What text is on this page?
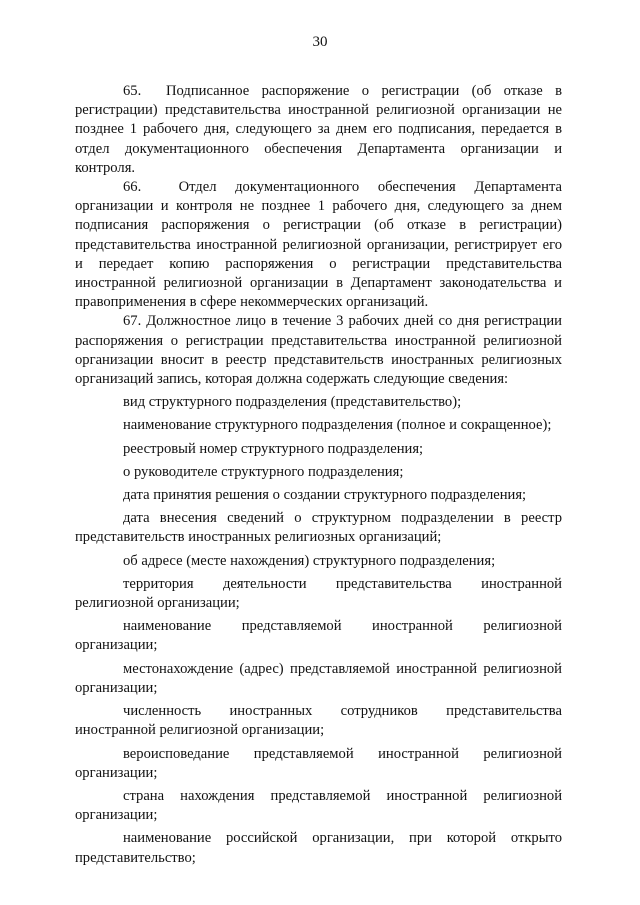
30

65.  Подписанное распоряжение о регистрации (об отказе в регистрации) представительства иностранной религиозной организации не позднее 1 рабочего дня, следующего за днем его подписания, передается в отдел документационного обеспечения Департамента организации и контроля.

66.  Отдел документационного обеспечения Департамента организации и контроля не позднее 1 рабочего дня, следующего за днем подписания распоряжения о регистрации (об отказе в регистрации) представительства иностранной религиозной организации, регистрирует его и передает копию распоряжения о регистрации представительства иностранной религиозной организации в Департамент законодательства и правоприменения в сфере некоммерческих организаций.

67. Должностное лицо в течение 3 рабочих дней со дня регистрации распоряжения о регистрации представительства иностранной религиозной организации вносит в реестр представительств иностранных религиозных организаций запись, которая должна содержать следующие сведения:

вид структурного подразделения (представительство);

наименование структурного подразделения (полное и сокращенное);

реестровый номер структурного подразделения;

о руководителе структурного подразделения;

дата принятия решения о создании структурного подразделения;

дата внесения сведений о структурном подразделении в реестр представительств иностранных религиозных организаций;

об адресе (месте нахождения) структурного подразделения;

территория деятельности представительства иностранной религиозной организации;

наименование представляемой иностранной религиозной организации;

местонахождение (адрес) представляемой иностранной религиозной организации;

численность иностранных сотрудников представительства иностранной религиозной организации;

вероисповедание представляемой иностранной религиозной организации;

страна нахождения представляемой иностранной религиозной организации;

наименование российской организации, при которой открыто представительство;
